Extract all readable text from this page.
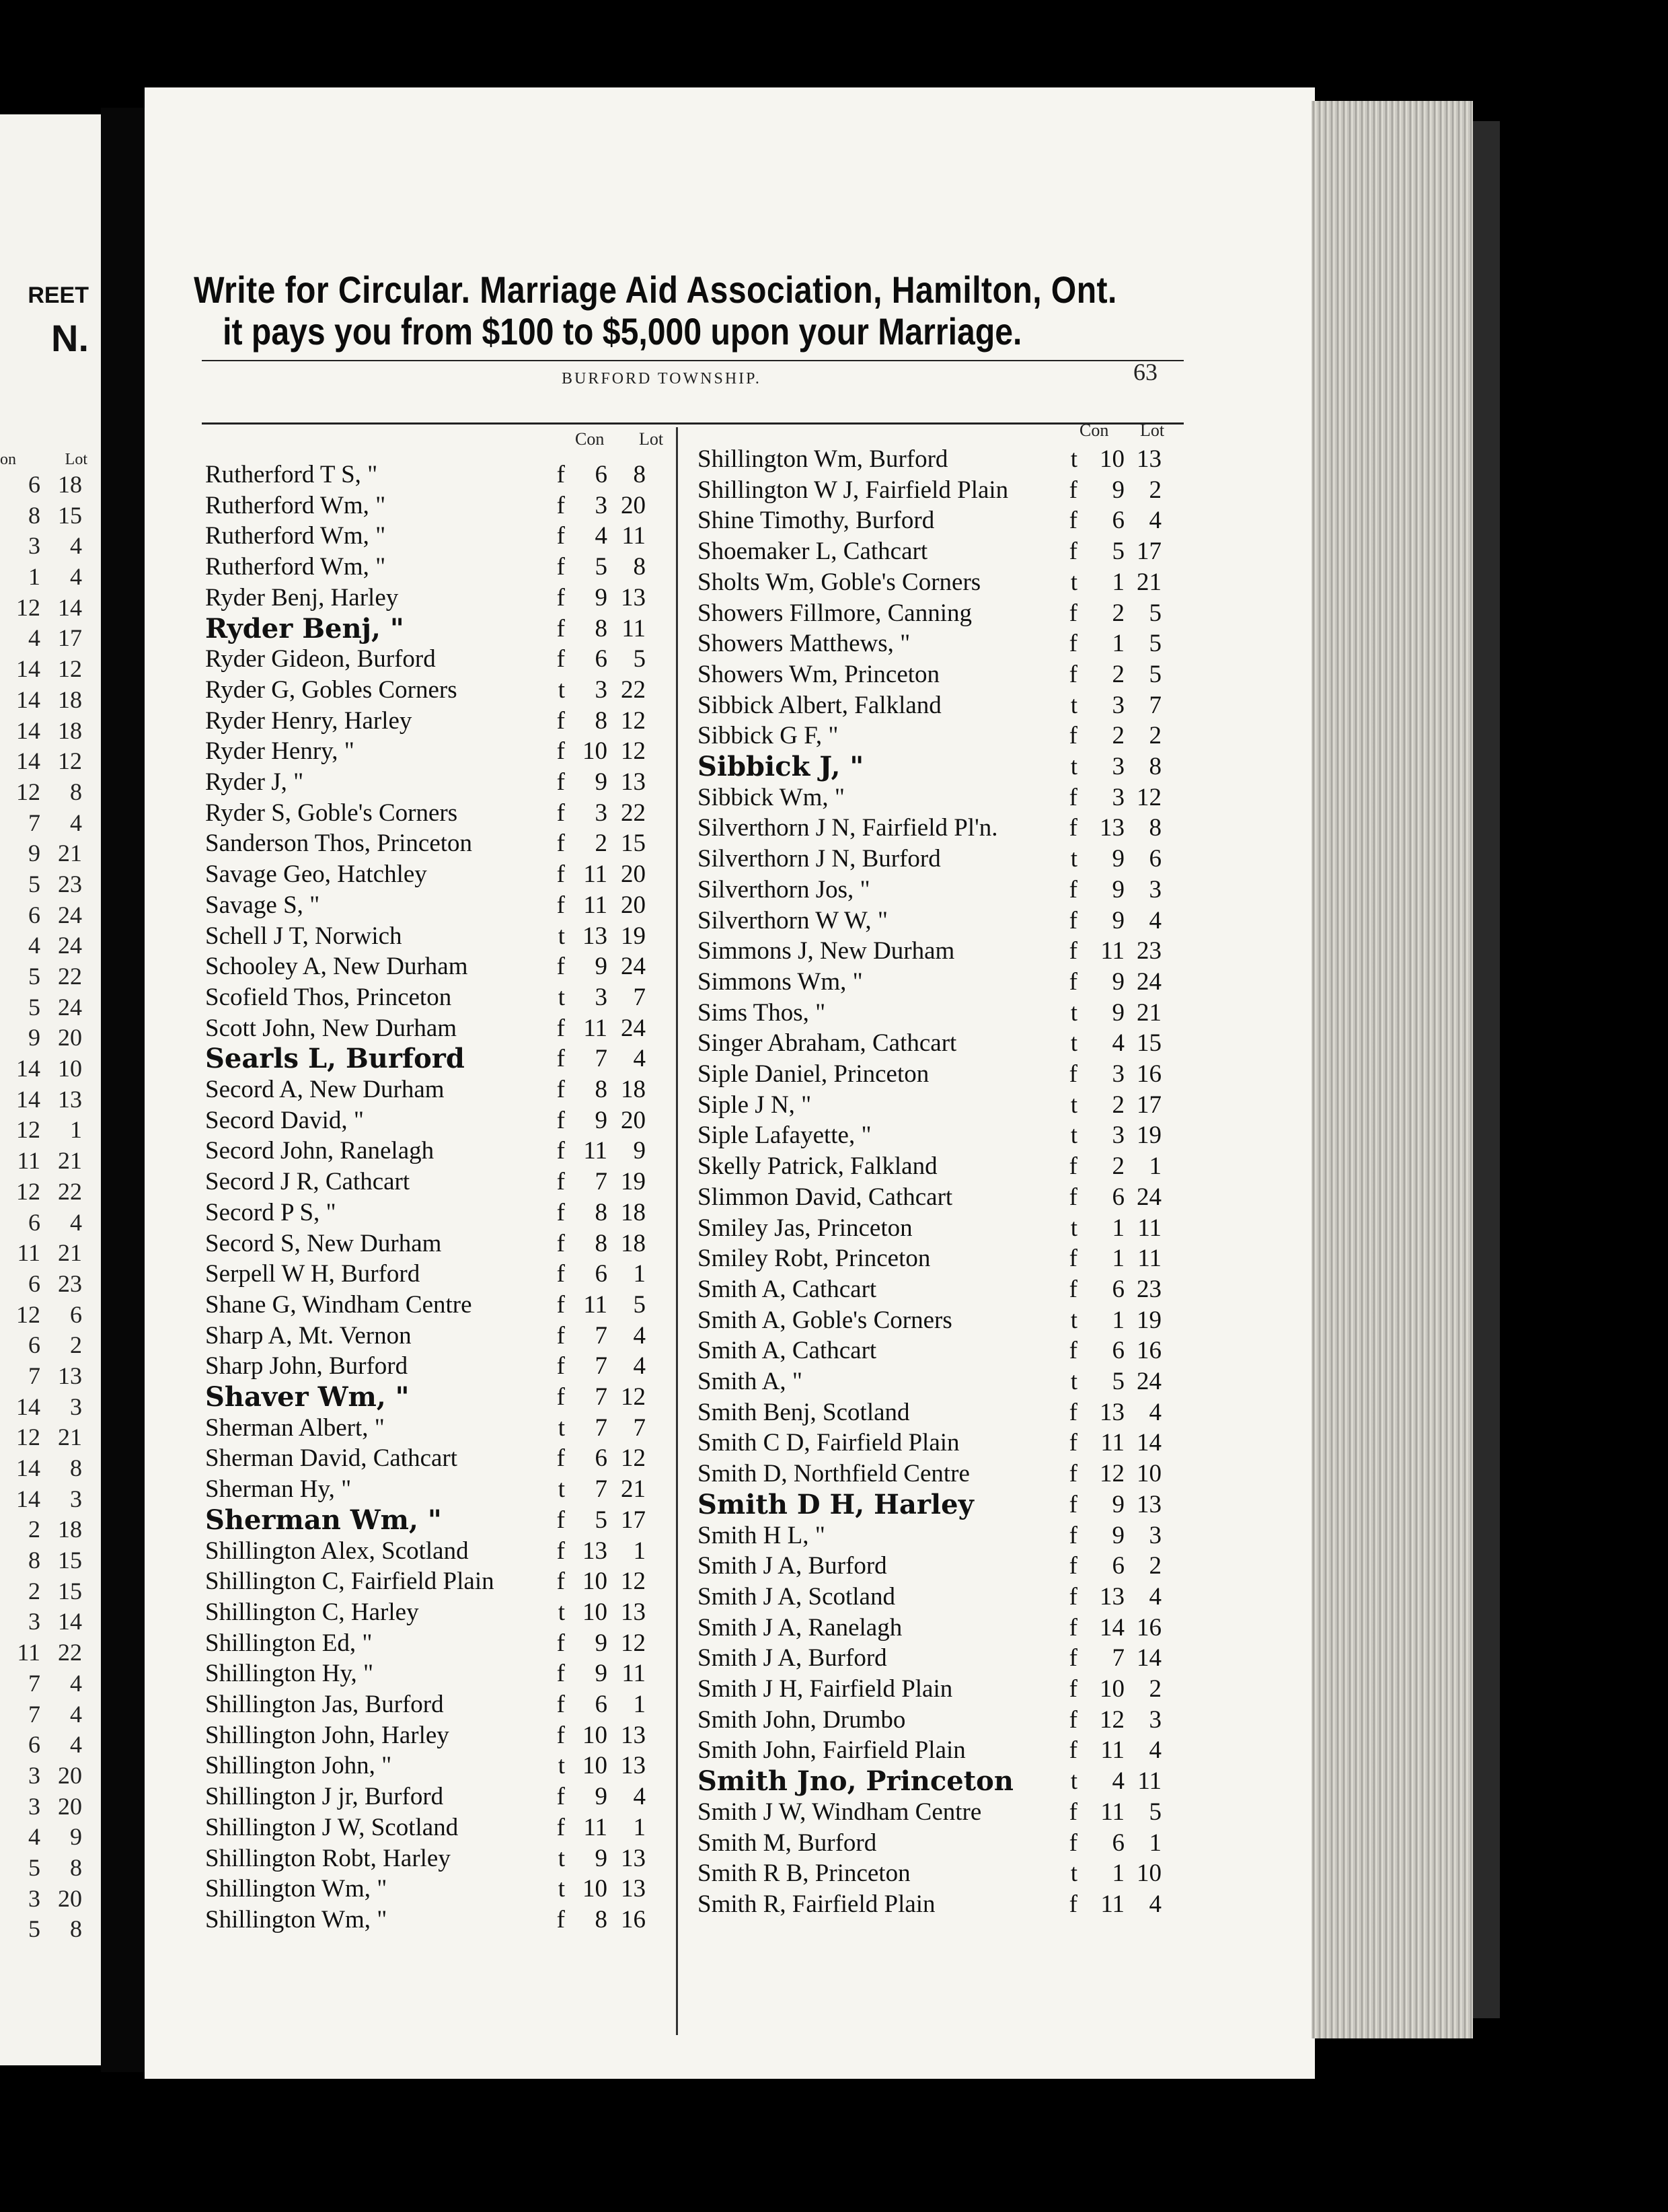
REET
N.
on	Lot
6 18
8 15
3 4
1 4
12 14
4 17
14 12
14 18
14 18
14 12
12 8
7 4
9 21
5 23
6 24
4 24
5 22
5 24
9 20
14 10
14 13
12 1
11 21
12 22
6 4
11 21
6 23
12 6
6 2
7 13
14 3
12 21
14 8
14 3
2 18
8 15
2 15
3 14
11 22
7 4
7 4
6 4
3 20
3 20
4 9
5 8
3 20
5 8
Write for Circular. Marriage Aid Association, Hamilton, Ont.
it pays you from $100 to $5,000 upon your Marriage.
BURFORD TOWNSHIP.	63
Con Lot	Con Lot
Rutherford T S, "	f	6	8
Rutherford Wm, "	f	3 20
Rutherford Wm, "	f	4 11
Rutherford Wm, "	f	5	8
Ryder Benj, Harley	f	9 13
Ryder Benj, "	f	8 11
Ryder Gideon, Burford	f	6	5
Ryder G, Gobles Corners	t	3 22
Ryder Henry, Harley	f	8 12
Ryder Henry, "	f 10 12
Ryder J, "	f	9 13
Ryder S, Goble's Corners	f	3 22
Sanderson Thos, Princeton	f	2 15
Savage Geo, Hatchley	f 11 20
Savage S, "	f 11 20
Schell J T, Norwich	t 13 19
Schooley A, New Durham	f	9 24
Scofield Thos, Princeton	t	3	7
Scott John, New Durham	f 11 24
Searls L, Burford	f	7	4
Secord A, New Durham	f	8 18
Secord David, "	f	9 20
Secord John, Ranelagh	f 11	9
Secord J R, Cathcart	f	7 19
Secord P S, "	f	8 18
Secord S, New Durham	f	8 18
Serpell W H, Burford	f	6	1
Shane G, Windham Centre	f 11	5
Sharp A, Mt. Vernon	f	7	4
Sharp John, Burford	f	7	4
Shaver Wm, "	f	7 12
Sherman Albert, "	t	7	7
Sherman David, Cathcart	f	6 12
Sherman Hy, "	t	7 21
Sherman Wm, "	f	5 17
Shillington Alex, Scotland	f 13	1
Shillington C, Fairfield Plain	f 10 12
Shillington C, Harley	t 10 13
Shillington Ed, "	f	9 12
Shillington Hy, "	f	9 11
Shillington Jas, Burford	f	6	1
Shillington John, Harley	f 10 13
Shillington John, "	t 10 13
Shillington J jr, Burford	f	9	4
Shillington J W, Scotland	f 11	1
Shillington Robt, Harley	t	9 13
Shillington Wm, "	t 10 13
Shillington Wm, "	f	8 16
Shillington Wm, Burford	t 10 13
Shillington W J, Fairfield Plain f	9 2
Shine Timothy, Burford	f	6 4
Shoemaker L, Cathcart	f	5 17
Sholts Wm, Goble's Corners	t	1 21
Showers Fillmore, Canning	f	2 5
Showers Matthews, "	f	1 5
Showers Wm, Princeton	f	2 5
Sibbick Albert, Falkland	t	3 7
Sibbick G F, "	f	2 2
Sibbick J, "	t	3 8
Sibbick Wm, "	f	3 12
Silverthorn J N, Fairfield Pl'n.	f 13 8
Silverthorn J N, Burford	t	9 6
Silverthorn Jos, "	f	9 3
Silverthorn W W, "	f	9 4
Simmons J, New Durham	f 11 23
Simmons Wm, "	f	9 24
Sims Thos, "	t	9 21
Singer Abraham, Cathcart	t	4 15
Siple Daniel, Princeton	f	3 16
Siple J N, "	t	2 17
Siple Lafayette, "	t	3 19
Skelly Patrick, Falkland	f	2 1
Slimmon David, Cathcart	f	6 24
Smiley Jas, Princeton	t	1 11
Smiley Robt, Princeton	f	1 11
Smith A, Cathcart	f	6 23
Smith A, Goble's Corners	t	1 19
Smith A, Cathcart	f	6 16
Smith A, "	t	5 24
Smith Benj, Scotland	f 13 4
Smith C D, Fairfield Plain	f 11 14
Smith D, Northfield Centre	f 12 10
Smith D H, Harley	f	9 13
Smith H L, "	f	9 3
Smith J A, Burford	f	6 2
Smith J A, Scotland	f 13 4
Smith J A, Ranelagh	f 14 16
Smith J A, Burford	f	7 14
Smith J H, Fairfield Plain	f 10 2
Smith John, Drumbo	f 12 3
Smith John, Fairfield Plain	f 11 4
Smith Jno, Princeton t	4 11
Smith J W, Windham Centre	f 11 5
Smith M, Burford	f	6 1
Smith R B, Princeton	t	1 10
Smith R, Fairfield Plain	f 11 4
